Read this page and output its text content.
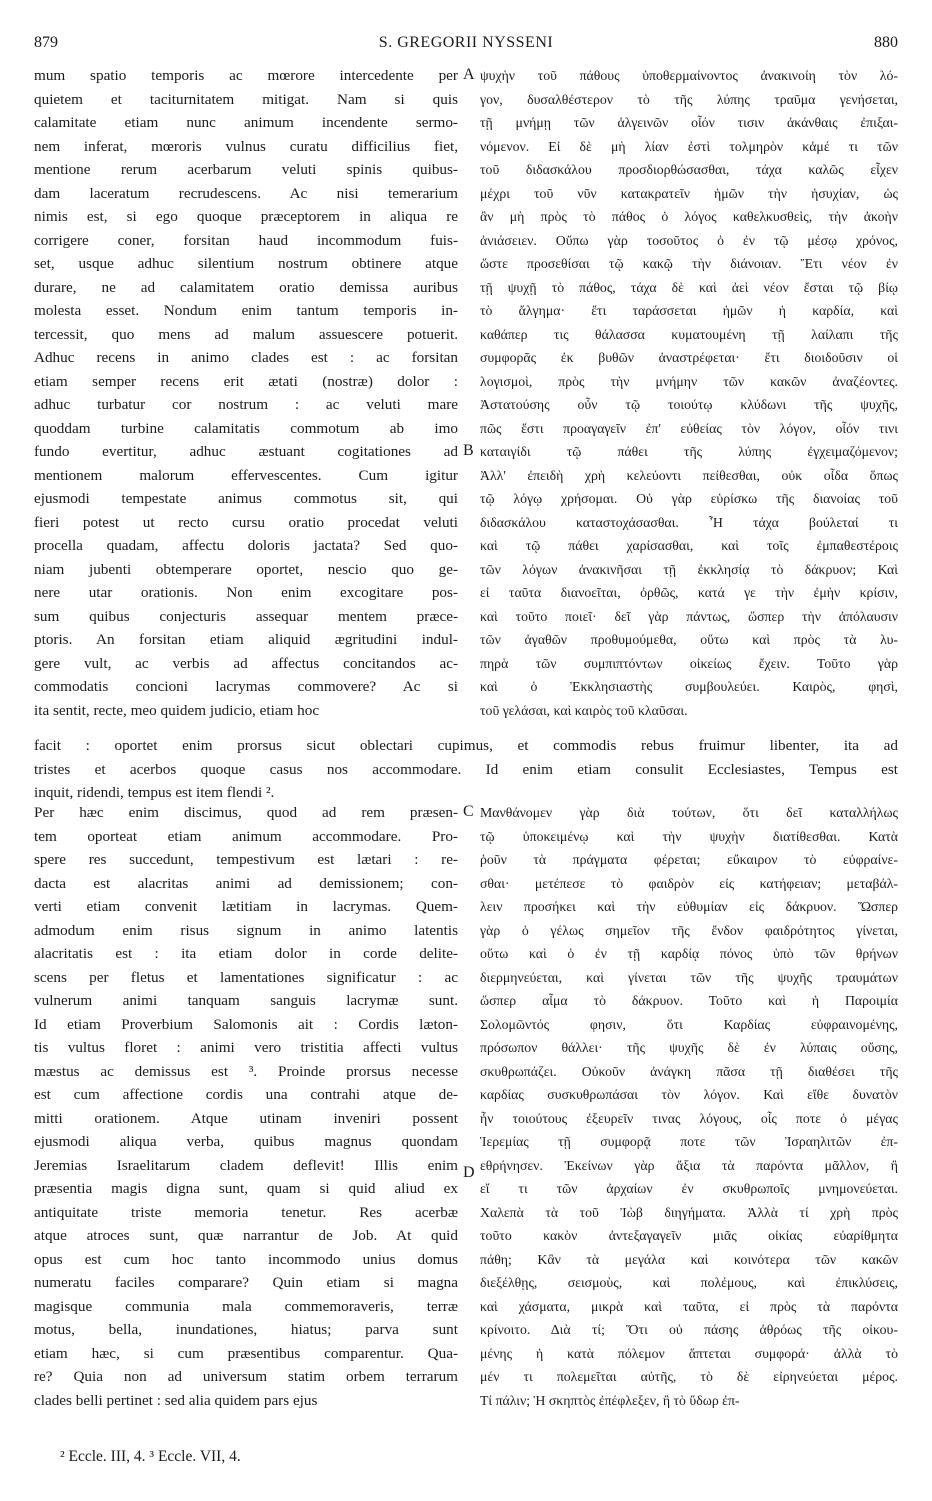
879	S. GREGORII NYSSENI	880
mum spatio temporis ac mœrore intercedente per
quietem et taciturnitatem mitigat. Nam si quis
calamitate etiam nunc animum incendente sermo-
nem inferat, mœroris vulnus curatu difficilius fiet,
mentione rerum acerbarum veluti spinis quibus-
dam laceratum recrudescens. Ac nisi temerarium
nimis est, si ego quoque præceptorem in aliqua re
corrigere coner, forsitan haud incommodum fuis-
set, usque adhuc silentium nostrum obtinere atque
durare, ne ad calamitatem oratio demissa auribus
molesta esset. Nondum enim tantum temporis in-
tercessit, quo mens ad malum assuescere potuerit.
Adhuc recens in animo clades est : ac forsitan
etiam semper recens erit ætati (nostræ) dolor :
adhuc turbatur cor nostrum : ac veluti mare
quoddam turbine calamitatis commotum ab imo
fundo evertitur, adhuc æstuant cogitationes ad
mentionem malorum effervescentes. Cum igitur
ejusmodi tempestate animus commotus sit, qui
fieri potest ut recto cursu oratio procedat veluti
procella quadam, affectu doloris jactata? Sed quo-
niam jubenti obtemperare oportet, nescio quo ge-
nere utar orationis. Non enim excogitare pos-
sum quibus conjecturis assequar mentem præce-
ptoris. An forsitan etiam aliquid ægritudini indul-
gere vult, ac verbis ad affectus concitandos ac-
commodatis concioni lacrymas commovere? Ac si
ita sentit, recte, meo quidem judicio, etiam hoc
ψυχὴν τοῦ πάθους ὑποθερμαίνοντος ἀνακινοίη τὸν λό-
γον, δυσαλθέστερον τὸ τῆς λύπης τραῦμα γενήσεται,
τῇ μνήμῃ τῶν ἀλγεινῶν οἷόν τισιν ἀκάνθαις ἐπιξαι-
νόμενον. Εἰ δὲ μὴ λίαν ἐστὶ τολμηρὸν κἀμέ τι τῶν
τοῦ διδασκάλου προσδιορθώσασθαι, τάχα καλῶς εἶχεν
μέχρι τοῦ νῦν κατακρατεῖν ἡμῶν τὴν ἡσυχίαν, ὡς
ἂν μὴ πρὸς τὸ πάθος ὁ λόγος καθελκυσθεὶς, τὴν ἀκοὴν
ἀνιάσειεν. Οὔπω γὰρ τοσοῦτος ὁ ἐν τῷ μέσῳ χρόνος,
ὥστε προσεθίσαι τῷ κακῷ τὴν διάνοιαν. Ἔτι νέον ἐν
τῇ ψυχῇ τὸ πάθος, τάχα δὲ καὶ ἀεὶ νέον ἔσται τῷ βίῳ
τὸ ἄλγημα· ἔτι ταράσσεται ἡμῶν ἡ καρδία, καὶ
καθάπερ τις θάλασσα κυματουμένη τῇ λαίλαπι τῆς
συμφορᾶς ἐκ βυθῶν ἀναστρέφεται· ἔτι διοιδοῦσιν οἱ
λογισμοὶ, πρὸς τὴν μνήμην τῶν κακῶν ἀναζέοντες.
Ἀστατούσης οὖν τῷ τοιούτῳ κλύδωνι τῆς ψυχῆς,
πῶς ἔστι προαγαγεῖν ἐπ' εὐθείας τὸν λόγον, οἷόν τινι
καταιγίδι τῷ πάθει τῆς λύπης ἐγχειμαζόμενον;
Ἀλλ' ἐπειδὴ χρὴ κελεύοντι πείθεσθαι, οὐκ οἶδα ὅπως
τῷ λόγῳ χρήσομαι. Οὐ γὰρ εὑρίσκω τῆς διανοίας τοῦ
διδασκάλου καταστοχάσασθαι. Ἦ τάχα βούλεταί τι
καὶ τῷ πάθει χαρίσασθαι, καὶ τοῖς ἐμπαθεστέροις
τῶν λόγων ἀνακινῆσαι τῇ ἐκκλησίᾳ τὸ δάκρυον; Καὶ
εἰ ταῦτα διανοεῖται, ὀρθῶς, κατά γε τὴν ἐμὴν κρίσιν,
καὶ τοῦτο ποιεῖ· δεῖ γὰρ πάντως, ὥσπερ τὴν ἀπόλαυσιν
τῶν ἀγαθῶν προθυμούμεθα, οὕτω καὶ πρὸς τὰ λυ-
πηρὰ τῶν συμπιπτόντων οἰκείως ἔχειν. Τοῦτο γὰρ
καὶ ὁ Ἐκκλησιαστὴς συμβουλεύει. Καιρὸς, φησὶ,
τοῦ γελάσαι, καὶ καιρὸς τοῦ κλαῦσαι.
A
B
C
D
facit : oportet enim prorsus sicut oblectari cupimus, et commodis rebus fruimur libenter, ita ad
tristes et acerbos quoque casus nos accommodare. Id enim etiam consulit Ecclesiastes, Tempus est
inquit, ridendi, tempus est item flendi ².
Per hæc enim discimus, quod ad rem præsen-
tem oporteat etiam animum accommodare. Pro-
spere res succedunt, tempestivum est lætari : re-
dacta est alacritas animi ad demissionem; con-
verti etiam convenit lætitiam in lacrymas. Quem-
admodum enim risus signum in animo latentis
alacritatis est : ita etiam dolor in corde delite-
scens per fletus et lamentationes significatur : ac
vulnerum animi tanquam sanguis lacrymæ sunt.
Id etiam Proverbium Salomonis ait : Cordis læton-
tis vultus floret : animi vero tristitia affecti vultus
mæstus ac demissus est ³. Proinde prorsus necesse
est cum affectione cordis una contrahi atque de-
mitti orationem. Atque utinam inveniri possent
ejusmodi aliqua verba, quibus magnus quondam
Jeremias Israelitarum cladem deflevit! Illis enim
præsentia magis digna sunt, quam si quid aliud ex
antiquitate triste memoria tenetur. Res acerbæ
atque atroces sunt, quæ narrantur de Job. At quid
opus est cum hoc tanto incommodo unius domus
numeratu faciles comparare? Quin etiam si magna
magisque communia mala commemoraveris, terræ
motus, bella, inundationes, hiatus; parva sunt
etiam hæc, si cum præsentibus comparentur. Qua-
re? Quia non ad universum statim orbem terrarum
clades belli pertinet : sed alia quidem pars ejus
Μανθάνομεν γὰρ διὰ τούτων, ὅτι δεῖ καταλλήλως
τῷ ὑποκειμένῳ καὶ τὴν ψυχὴν διατίθεσθαι. Κατὰ
ῥοῦν τὰ πράγματα φέρεται; εὔκαιρον τὸ εὐφραίνε-
σθαι· μετέπεσε τὸ φαιδρὸν εἰς κατήφειαν; μεταβάλ-
λειν προσήκει καὶ τὴν εὐθυμίαν εἰς δάκρυον. Ὥσπερ
γὰρ ὁ γέλως σημεῖον τῆς ἔνδον φαιδρότητος γίνεται,
οὕτω καὶ ὁ ἐν τῇ καρδίᾳ πόνος ὑπὸ τῶν θρήνων
διερμηνεύεται, καὶ γίνεται τῶν τῆς ψυχῆς τραυμάτων
ὥσπερ αἷμα τὸ δάκρυον. Τοῦτο καὶ ἡ Παροιμία
Σολομῶντός φησιν, ὅτι Καρδίας εὐφραινομένης,
πρόσωπον θάλλει· τῆς ψυχῆς δὲ ἐν λύπαις οὔσης,
σκυθρωπάζει. Οὐκοῦν ἀνάγκη πᾶσα τῇ διαθέσει τῆς
καρδίας συσκυθρωπάσαι τὸν λόγον. Καὶ εἴθε δυνατὸν
ἦν τοιούτους ἐξευρεῖν τινας λόγους, οἷς ποτε ὁ μέγας
Ἱερεμίας τῇ συμφορᾷ ποτε τῶν Ἰσραηλιτῶν ἐπ-
εθρήνησεν. Ἐκείνων γὰρ ἄξια τὰ παρόντα μᾶλλον, ἢ
εἴ τι τῶν ἀρχαίων ἐν σκυθρωποῖς μνημονεύεται.
Χαλεπὰ τὰ τοῦ Ἰὼβ διηγήματα. Ἀλλὰ τί χρὴ πρὸς
τοῦτο κακὸν ἀντεξαγαγεῖν μιᾶς οἰκίας εὐαρίθμητα
πάθη; Κἂν τὰ μεγάλα καὶ κοινότερα τῶν κακῶν
διεξέλθῃς, σεισμοὺς, καὶ πολέμους, καὶ ἐπικλύσεις,
καὶ χάσματα, μικρὰ καὶ ταῦτα, εἰ πρὸς τὰ παρόντα
κρίνοιτο. Διὰ τί; Ὅτι οὐ πάσης ἀθρόως τῆς οἰκου-
μένης ἡ κατὰ πόλεμον ἅπτεται συμφορά· ἀλλὰ τὸ
μέν τι πολεμεῖται αὐτῆς, τὸ δὲ εἰρηνεύεται μέρος.
Τί πάλιν; Ἡ σκηπτὸς ἐπέφλεξεν, ἢ τὸ ὕδωρ ἐπ-
² Eccle. III, 4. ³ Eccle. VII, 4.
